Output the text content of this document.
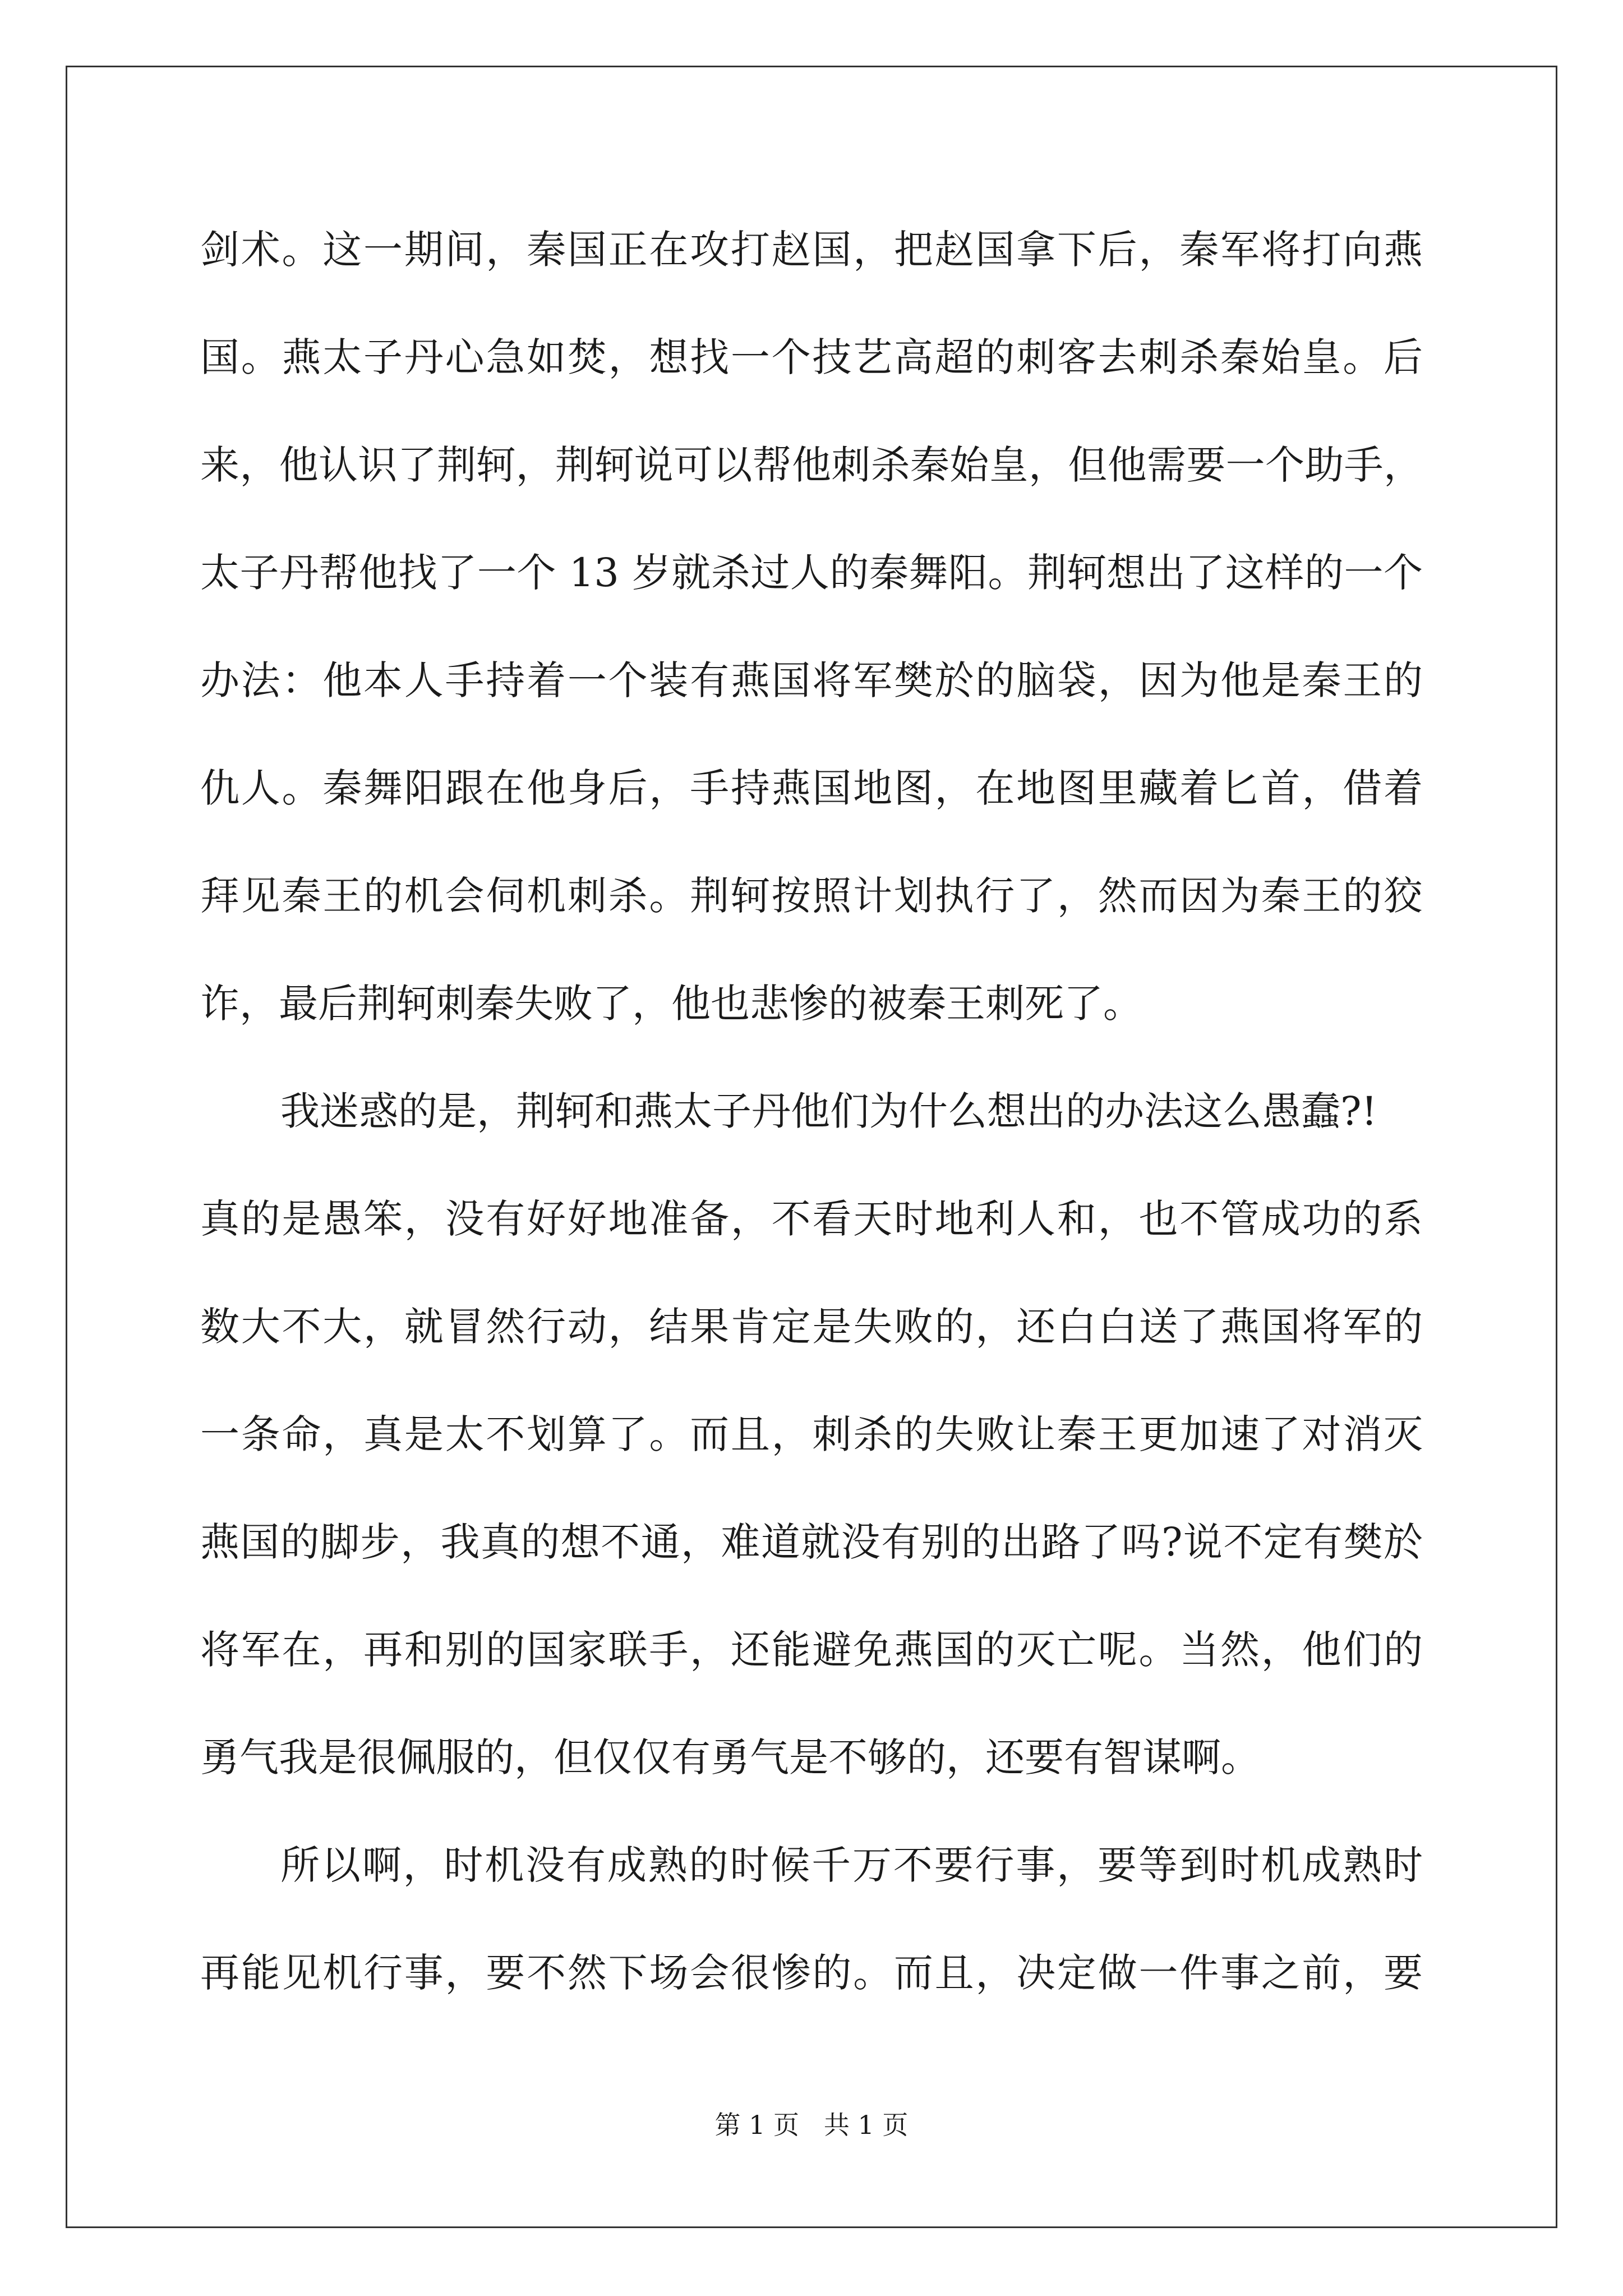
剑术。这一期间，秦国正在攻打赵国，把赵国拿下后，秦军将打向燕
国。燕太子丹心急如焚，想找一个技艺高超的刺客去刺杀秦始皇。后
来，他认识了荆轲，荆轲说可以帮他刺杀秦始皇，但他需要一个助手，
太子丹帮他找了一个 13 岁就杀过人的秦舞阳。荆轲想出了这样的一个
办法：他本人手持着一个装有燕国将军樊於的脑袋，因为他是秦王的
仇人。秦舞阳跟在他身后，手持燕国地图，在地图里藏着匕首，借着
拜见秦王的机会伺机刺杀。荆轲按照计划执行了，然而因为秦王的狡
诈，最后荆轲刺秦失败了，他也悲惨的被秦王刺死了。
我迷惑的是，荆轲和燕太子丹他们为什么想出的办法这么愚蠢?!
真的是愚笨，没有好好地准备，不看天时地利人和，也不管成功的系
数大不大，就冒然行动，结果肯定是失败的，还白白送了燕国将军的
一条命，真是太不划算了。而且，刺杀的失败让秦王更加速了对消灭
燕国的脚步，我真的想不通，难道就没有别的出路了吗?说不定有樊於
将军在，再和别的国家联手，还能避免燕国的灭亡呢。当然，他们的
勇气我是很佩服的，但仅仅有勇气是不够的，还要有智谋啊。
所以啊，时机没有成熟的时候千万不要行事，要等到时机成熟时
再能见机行事，要不然下场会很惨的。而且，决定做一件事之前，要
第 1 页   共 1 页
